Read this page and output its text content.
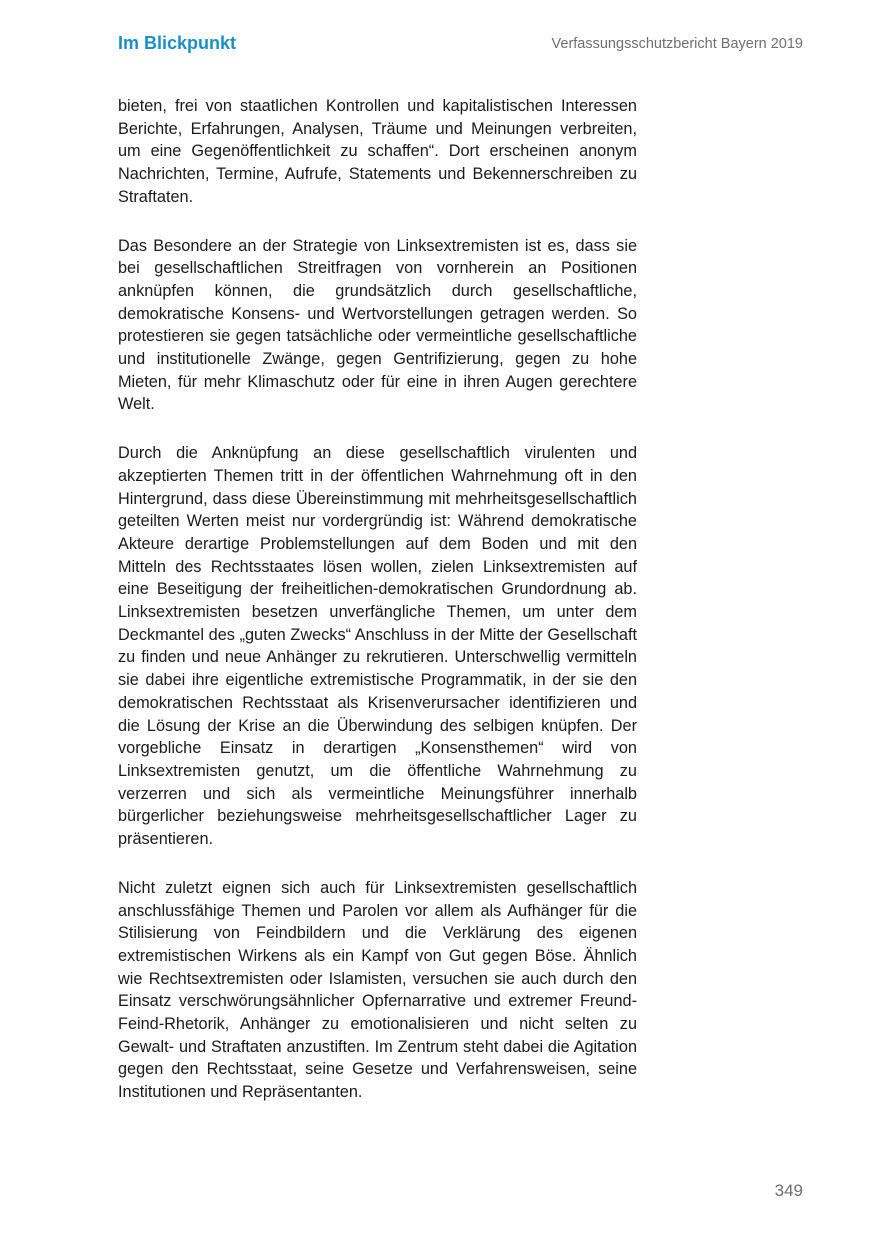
Im Blickpunkt	Verfassungsschutzbericht Bayern 2019

bieten, frei von staatlichen Kontrollen und kapitalistischen Interessen Berichte, Erfahrungen, Analysen, Träume und Meinungen verbreiten, um eine Gegenöffentlichkeit zu schaffen“. Dort erscheinen anonym Nachrichten, Termine, Aufrufe, Statements und Bekennerschreiben zu Straftaten.

Das Besondere an der Strategie von Linksextremisten ist es, dass sie bei gesellschaftlichen Streitfragen von vornherein an Positionen anknüpfen können, die grundsätzlich durch gesellschaftliche, demokratische Konsens- und Wertvorstellungen getragen werden. So protestieren sie gegen tatsächliche oder vermeintliche gesellschaftliche und institutionelle Zwänge, gegen Gentrifizierung, gegen zu hohe Mieten, für mehr Klimaschutz oder für eine in ihren Augen gerechtere Welt.

Durch die Anknüpfung an diese gesellschaftlich virulenten und akzeptierten Themen tritt in der öffentlichen Wahrnehmung oft in den Hintergrund, dass diese Übereinstimmung mit mehrheitsgesellschaftlich geteilten Werten meist nur vordergründig ist: Während demokratische Akteure derartige Problemstellungen auf dem Boden und mit den Mitteln des Rechtsstaates lösen wollen, zielen Linksextremisten auf eine Beseitigung der freiheitlichen-demokratischen Grundordnung ab. Linksextremisten besetzen unverfängliche Themen, um unter dem Deckmantel des „guten Zwecks“ Anschluss in der Mitte der Gesellschaft zu finden und neue Anhänger zu rekrutieren. Unterschwellig vermitteln sie dabei ihre eigentliche extremistische Programmatik, in der sie den demokratischen Rechtsstaat als Krisenverursacher identifizieren und die Lösung der Krise an die Überwindung des selbigen knüpfen. Der vorgebliche Einsatz in derartigen „Konsensthemen“ wird von Linksextremisten genutzt, um die öffentliche Wahrnehmung zu verzerren und sich als vermeintliche Meinungsführer innerhalb bürgerlicher beziehungsweise mehrheitsgesellschaftlicher Lager zu präsentieren.

Nicht zuletzt eignen sich auch für Linksextremisten gesellschaftlich anschlussfähige Themen und Parolen vor allem als Aufhänger für die Stilisierung von Feindbildern und die Verklärung des eigenen extremistischen Wirkens als ein Kampf von Gut gegen Böse. Ähnlich wie Rechtsextremisten oder Islamisten, versuchen sie auch durch den Einsatz verschwörungsähnlicher Opfernarrative und extremer Freund-Feind-Rhetorik, Anhänger zu emotionalisieren und nicht selten zu Gewalt- und Straftaten anzustiften. Im Zentrum steht dabei die Agitation gegen den Rechtsstaat, seine Gesetze und Verfahrensweisen, seine Institutionen und Repräsentanten.

349
